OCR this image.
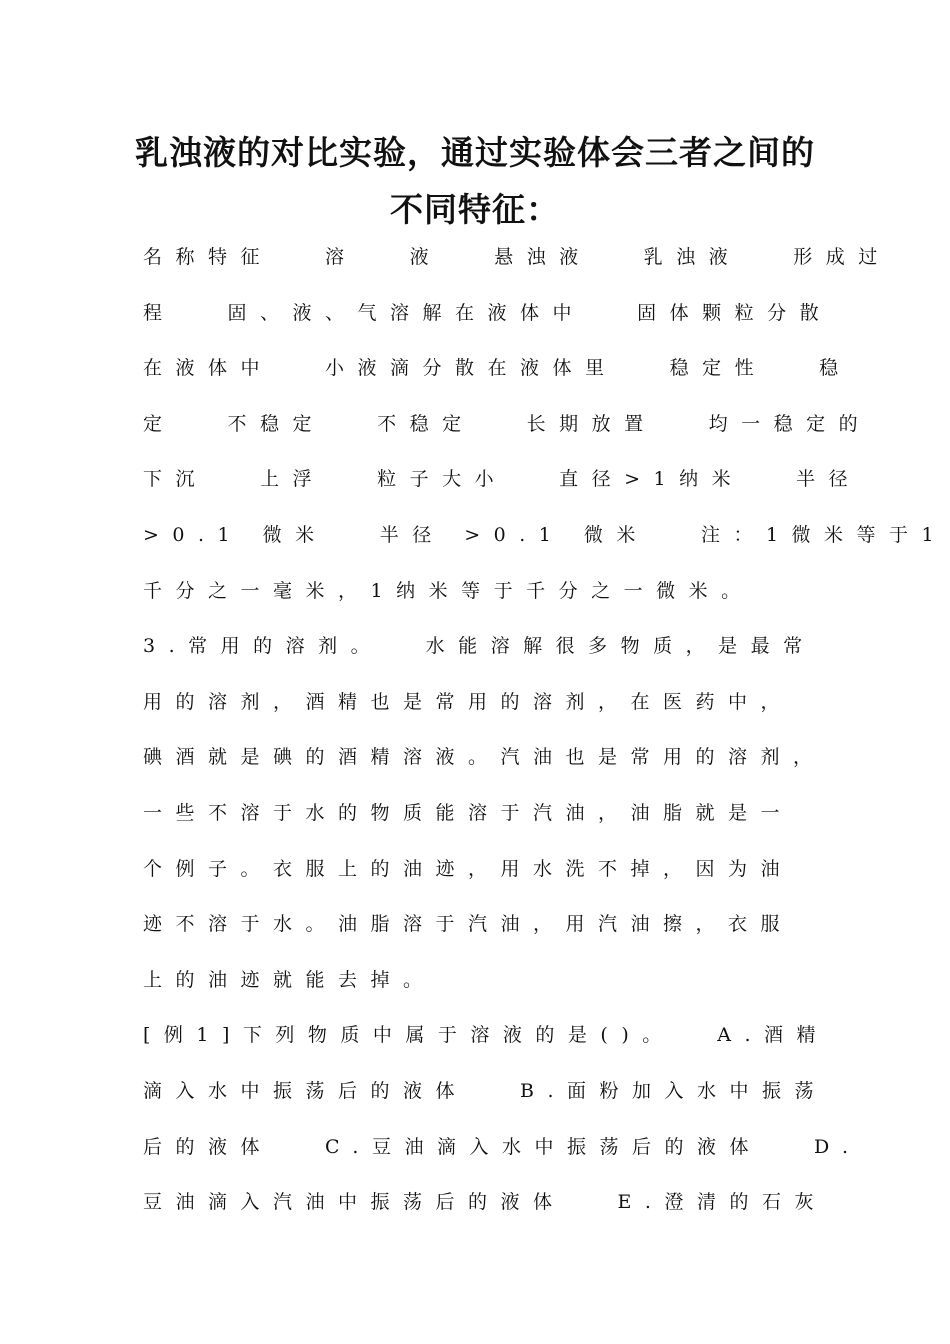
乳浊液的对比实验，通过实验体会三者之间的
不同特征：
名称特征　 溶　 液　 悬浊液　 乳浊液　 形成过
程　 固、液、气溶解在液体中　 固体颗粒分散
在液体中　 小液滴分散在液体里　 稳定性　 稳
定　 不稳定　 不稳定　 长期放置　 均一稳定的
下沉　 上浮　 粒子大小　 直径>1纳米　 半径
>0.1 微米　 半径 >0.1 微米　 注：1微米等于1
千分之一毫米，1纳米等于千分之一微米。
3.常用的溶剂。　 水能溶解很多物质，是最常
用的溶剂，酒精也是常用的溶剂，在医药中，
碘酒就是碘的酒精溶液。汽油也是常用的溶剂，
一些不溶于水的物质能溶于汽油，油脂就是一
个例子。衣服上的油迹，用水洗不掉，因为油
迹不溶于水。油脂溶于汽油，用汽油擦，衣服
上的油迹就能去掉。
[例1]下列物质中属于溶液的是()。　 A.酒精
滴入水中振荡后的液体　 B.面粉加入水中振荡
后的液体　 C.豆油滴入水中振荡后的液体　 D.
豆油滴入汽油中振荡后的液体　 E.澄清的石灰
